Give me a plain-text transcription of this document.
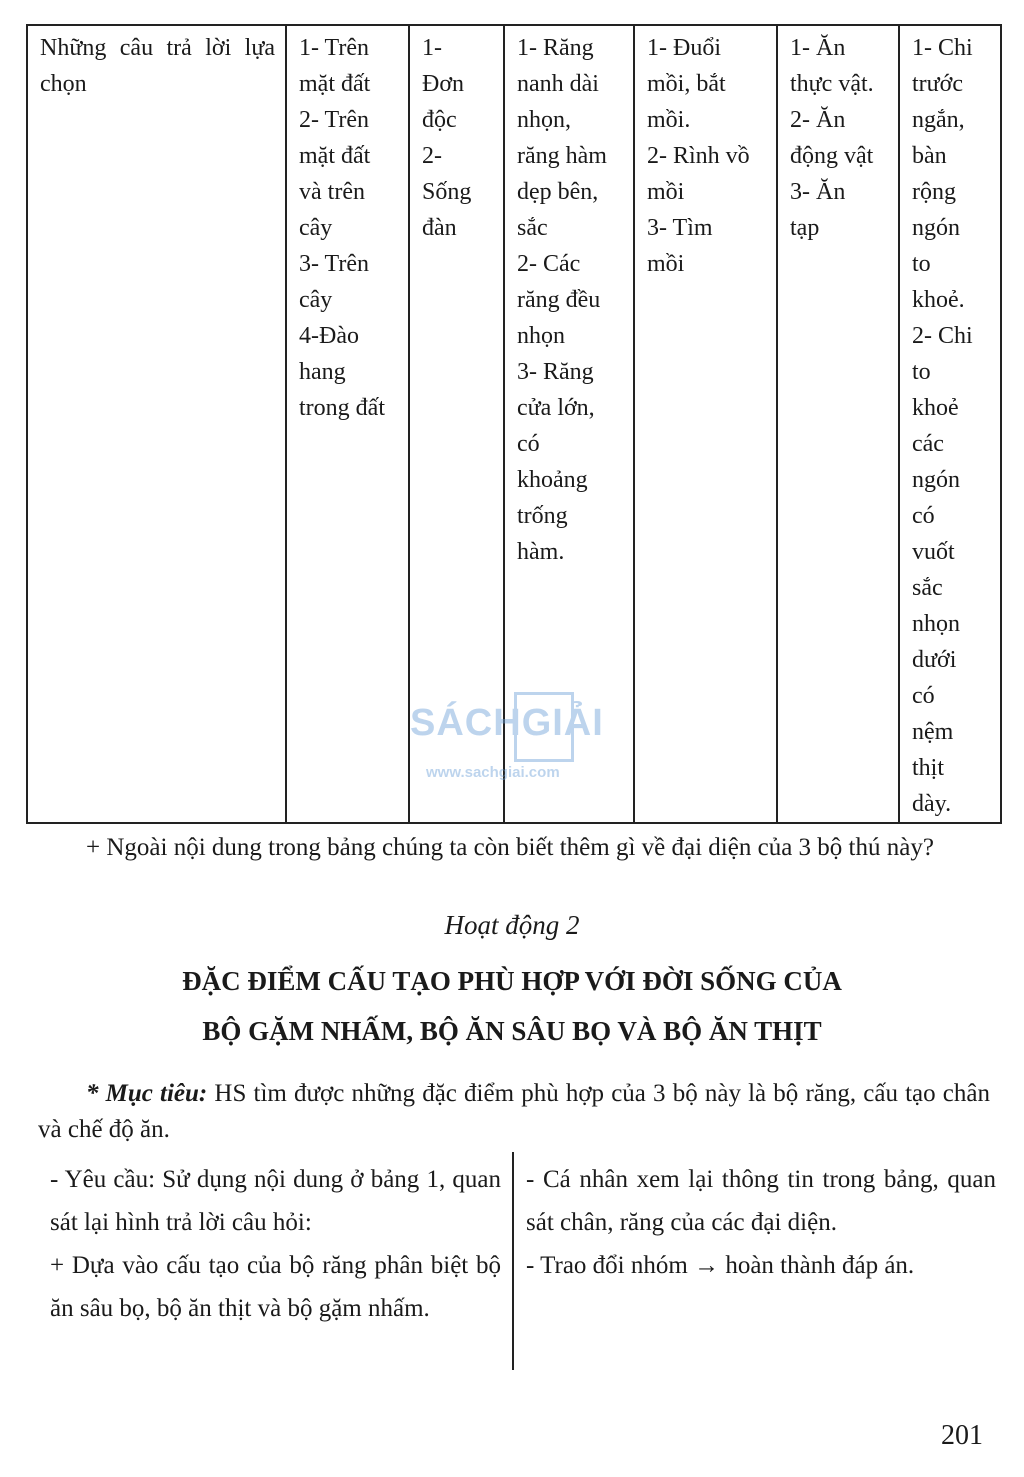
Những câu trả lời lựa
chọn

1- Trên
mặt đất
2- Trên
mặt đất
và trên
cây
3- Trên
cây
4-Đào
hang
trong đất

1-
Đơn
độc
2-
Sống
đàn

1- Răng
nanh dài
nhọn,
răng hàm
dẹp bên,
sắc
2- Các
răng đều
nhọn
3- Răng
cửa lớn,
có
khoảng
trống
hàm.

1- Đuổi
mồi, bắt
mồi.
2- Rình vồ
mồi
3- Tìm
mồi

1- Ăn
thực vật.
2- Ăn
động vật
3- Ăn
tạp

1- Chi
trước
ngắn,
bàn
rộng
ngón
to
khoẻ.
2- Chi
to
khoẻ
các
ngón
có
vuốt
sắc
nhọn
dưới
có
nệm
thịt
dày.
SÁCHGIẢI
www.sachgiai.com
+ Ngoài nội dung trong bảng chúng ta còn biết thêm gì về đại diện của 3 bộ thú này?
Hoạt động 2
ĐẶC ĐIỂM CẤU TẠO PHÙ HỢP VỚI ĐỜI SỐNG CỦA
BỘ GẶM NHẤM, BỘ ĂN SÂU BỌ VÀ BỘ ĂN THỊT
* Mục tiêu: HS tìm được những đặc điểm phù hợp của 3 bộ này là bộ răng, cấu tạo chân và chế độ ăn.
- Yêu cầu: Sử dụng nội dung ở bảng 1, quan sát lại hình trả lời câu hỏi:
+ Dựa vào cấu tạo của bộ răng phân biệt bộ ăn sâu bọ, bộ ăn thịt và bộ gặm nhấm.
- Cá nhân xem lại thông tin trong bảng, quan sát chân, răng của các đại diện.
- Trao đổi nhóm → hoàn thành đáp án.
201
